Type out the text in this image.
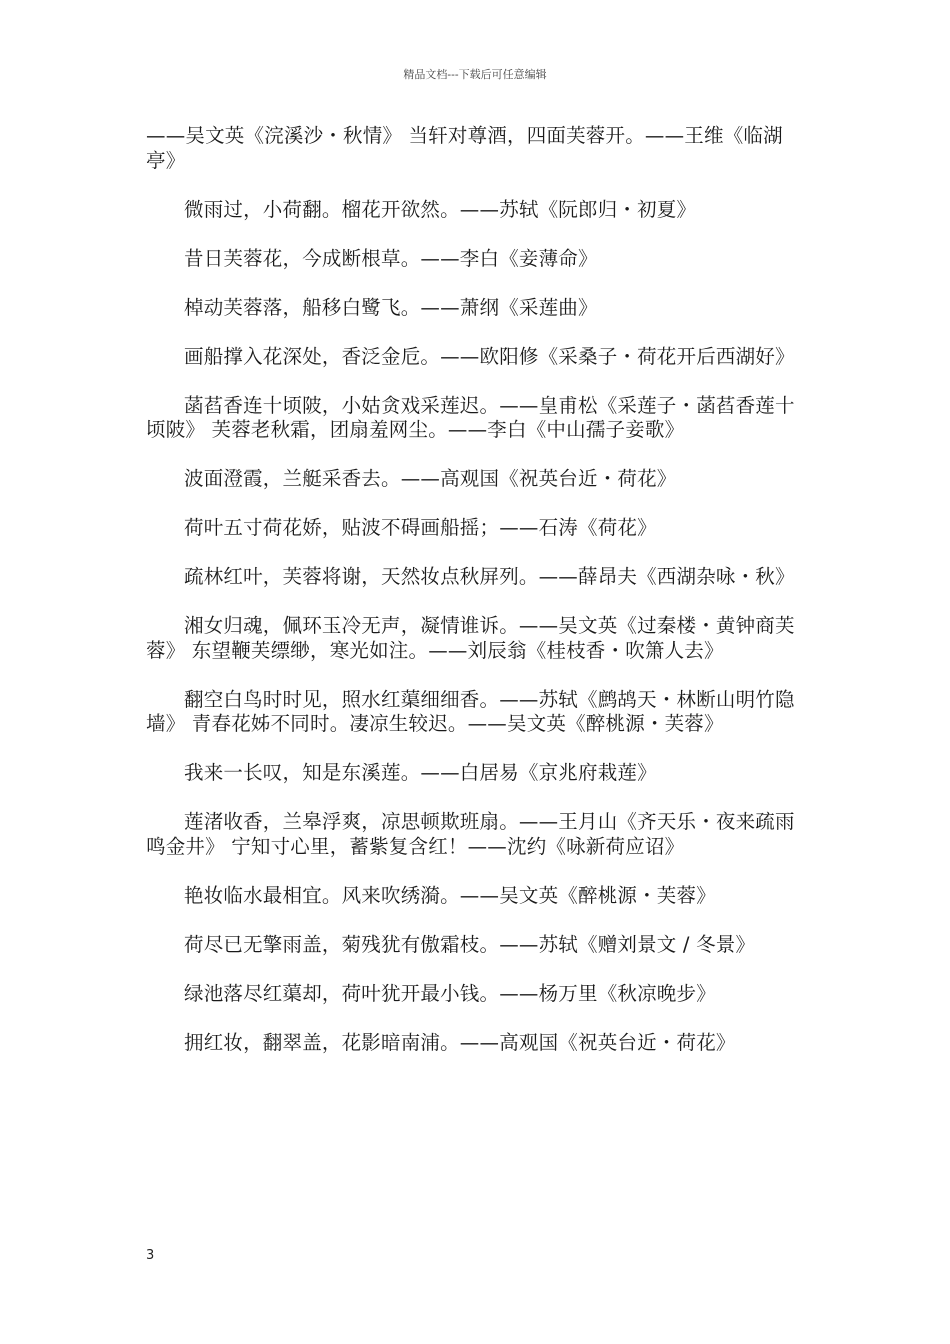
精品文档---下载后可任意编辑

——吴文英《浣溪沙・秋情》 当轩对尊酒，四面芙蓉开。——王维《临湖亭》

微雨过，小荷翻。榴花开欲然。——苏轼《阮郎归・初夏》

昔日芙蓉花，今成断根草。——李白《妾薄命》

棹动芙蓉落，船移白鹭飞。——萧纲《采莲曲》

画船撑入花深处，香泛金卮。——欧阳修《采桑子・荷花开后西湖好》

菡萏香连十顷陂，小姑贪戏采莲迟。——皇甫松《采莲子・菡萏香莲十顷陂》 芙蓉老秋霜，团扇羞网尘。——李白《中山孺子妾歌》

波面澄霞，兰艇采香去。——高观国《祝英台近・荷花》

荷叶五寸荷花娇，贴波不碍画船摇；——石涛《荷花》

疏林红叶，芙蓉将谢，天然妆点秋屏列。——薛昂夫《西湖杂咏・秋》

湘女归魂，佩环玉冷无声，凝情谁诉。——吴文英《过秦楼・黄钟商芙蓉》 东望鞭芙缥缈，寒光如注。——刘辰翁《桂枝香・吹箫人去》

翻空白鸟时时见，照水红蕖细细香。——苏轼《鹧鸪天・林断山明竹隐墙》 青春花姊不同时。凄凉生较迟。——吴文英《醉桃源・芙蓉》

我来一长叹，知是东溪莲。——白居易《京兆府栽莲》

莲渚收香，兰皋浮爽，凉思顿欺班扇。——王月山《齐天乐・夜来疏雨鸣金井》 宁知寸心里，蓄紫复含红！——沈约《咏新荷应诏》

艳妆临水最相宜。风来吹绣漪。——吴文英《醉桃源・芙蓉》

荷尽已无擎雨盖，菊残犹有傲霜枝。——苏轼《赠刘景文 / 冬景》

绿池落尽红蕖却，荷叶犹开最小钱。——杨万里《秋凉晚步》

拥红妆，翻翠盖，花影暗南浦。——高观国《祝英台近・荷花》

3
